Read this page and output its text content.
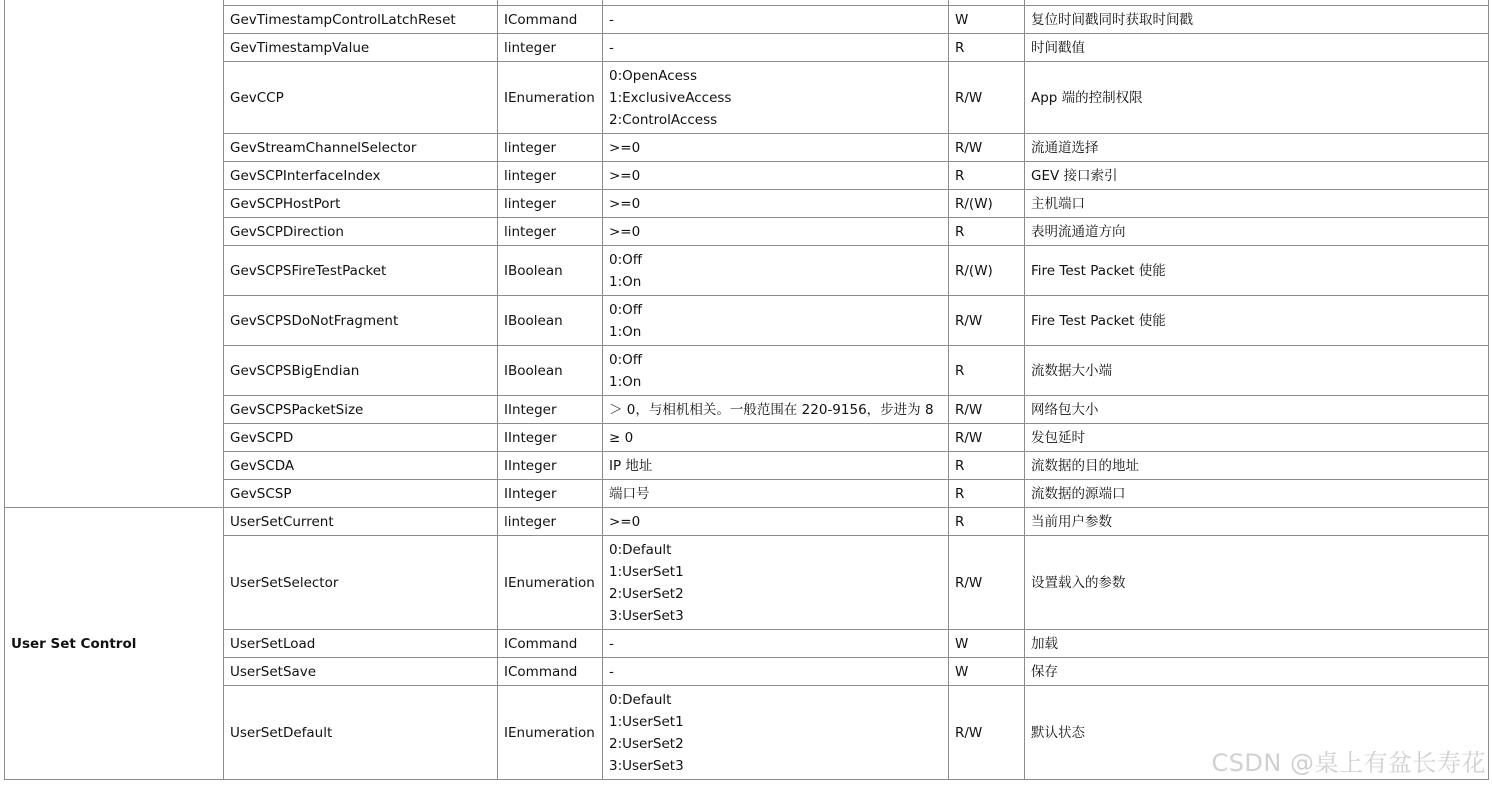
	GevTimestampControlLatchReset	ICommand	-	W	复位时间戳同时获取时间戳
	GevTimestampValue	linteger	-	R	时间戳值
	GevCCP	IEnumeration	0:OpenAcess
1:ExclusiveAccess
2:ControlAccess	R/W	App 端的控制权限
	GevStreamChannelSelector	linteger	>=0	R/W	流通道选择
	GevSCPInterfaceIndex	linteger	>=0	R	GEV 接口索引
	GevSCPHostPort	linteger	>=0	R/(W)	主机端口
	GevSCPDirection	linteger	>=0	R	表明流通道方向
	GevSCPSFireTestPacket	IBoolean	0:Off
1:On	R/(W)	Fire Test Packet 使能
	GevSCPSDoNotFragment	IBoolean	0:Off
1:On	R/W	Fire Test Packet 使能
	GevSCPSBigEndian	IBoolean	0:Off
1:On	R	流数据大小端
	GevSCPSPacketSize	IInteger	＞ 0，与相机相关。一般范围在 220-9156，步进为 8	R/W	网络包大小
	GevSCPD	IInteger	≥ 0	R/W	发包延时
	GevSCDA	IInteger	IP 地址	R	流数据的目的地址
	GevSCSP	IInteger	端口号	R	流数据的源端口
User Set Control	UserSetCurrent	linteger	>=0	R	当前用户参数
	UserSetSelector	IEnumeration	0:Default
1:UserSet1
2:UserSet2
3:UserSet3	R/W	设置载入的参数
	UserSetLoad	ICommand	-	W	加载
	UserSetSave	ICommand	-	W	保存
	UserSetDefault	IEnumeration	0:Default
1:UserSet1
2:UserSet2
3:UserSet3	R/W	默认状态
CSDN @桌上有盆长寿花
